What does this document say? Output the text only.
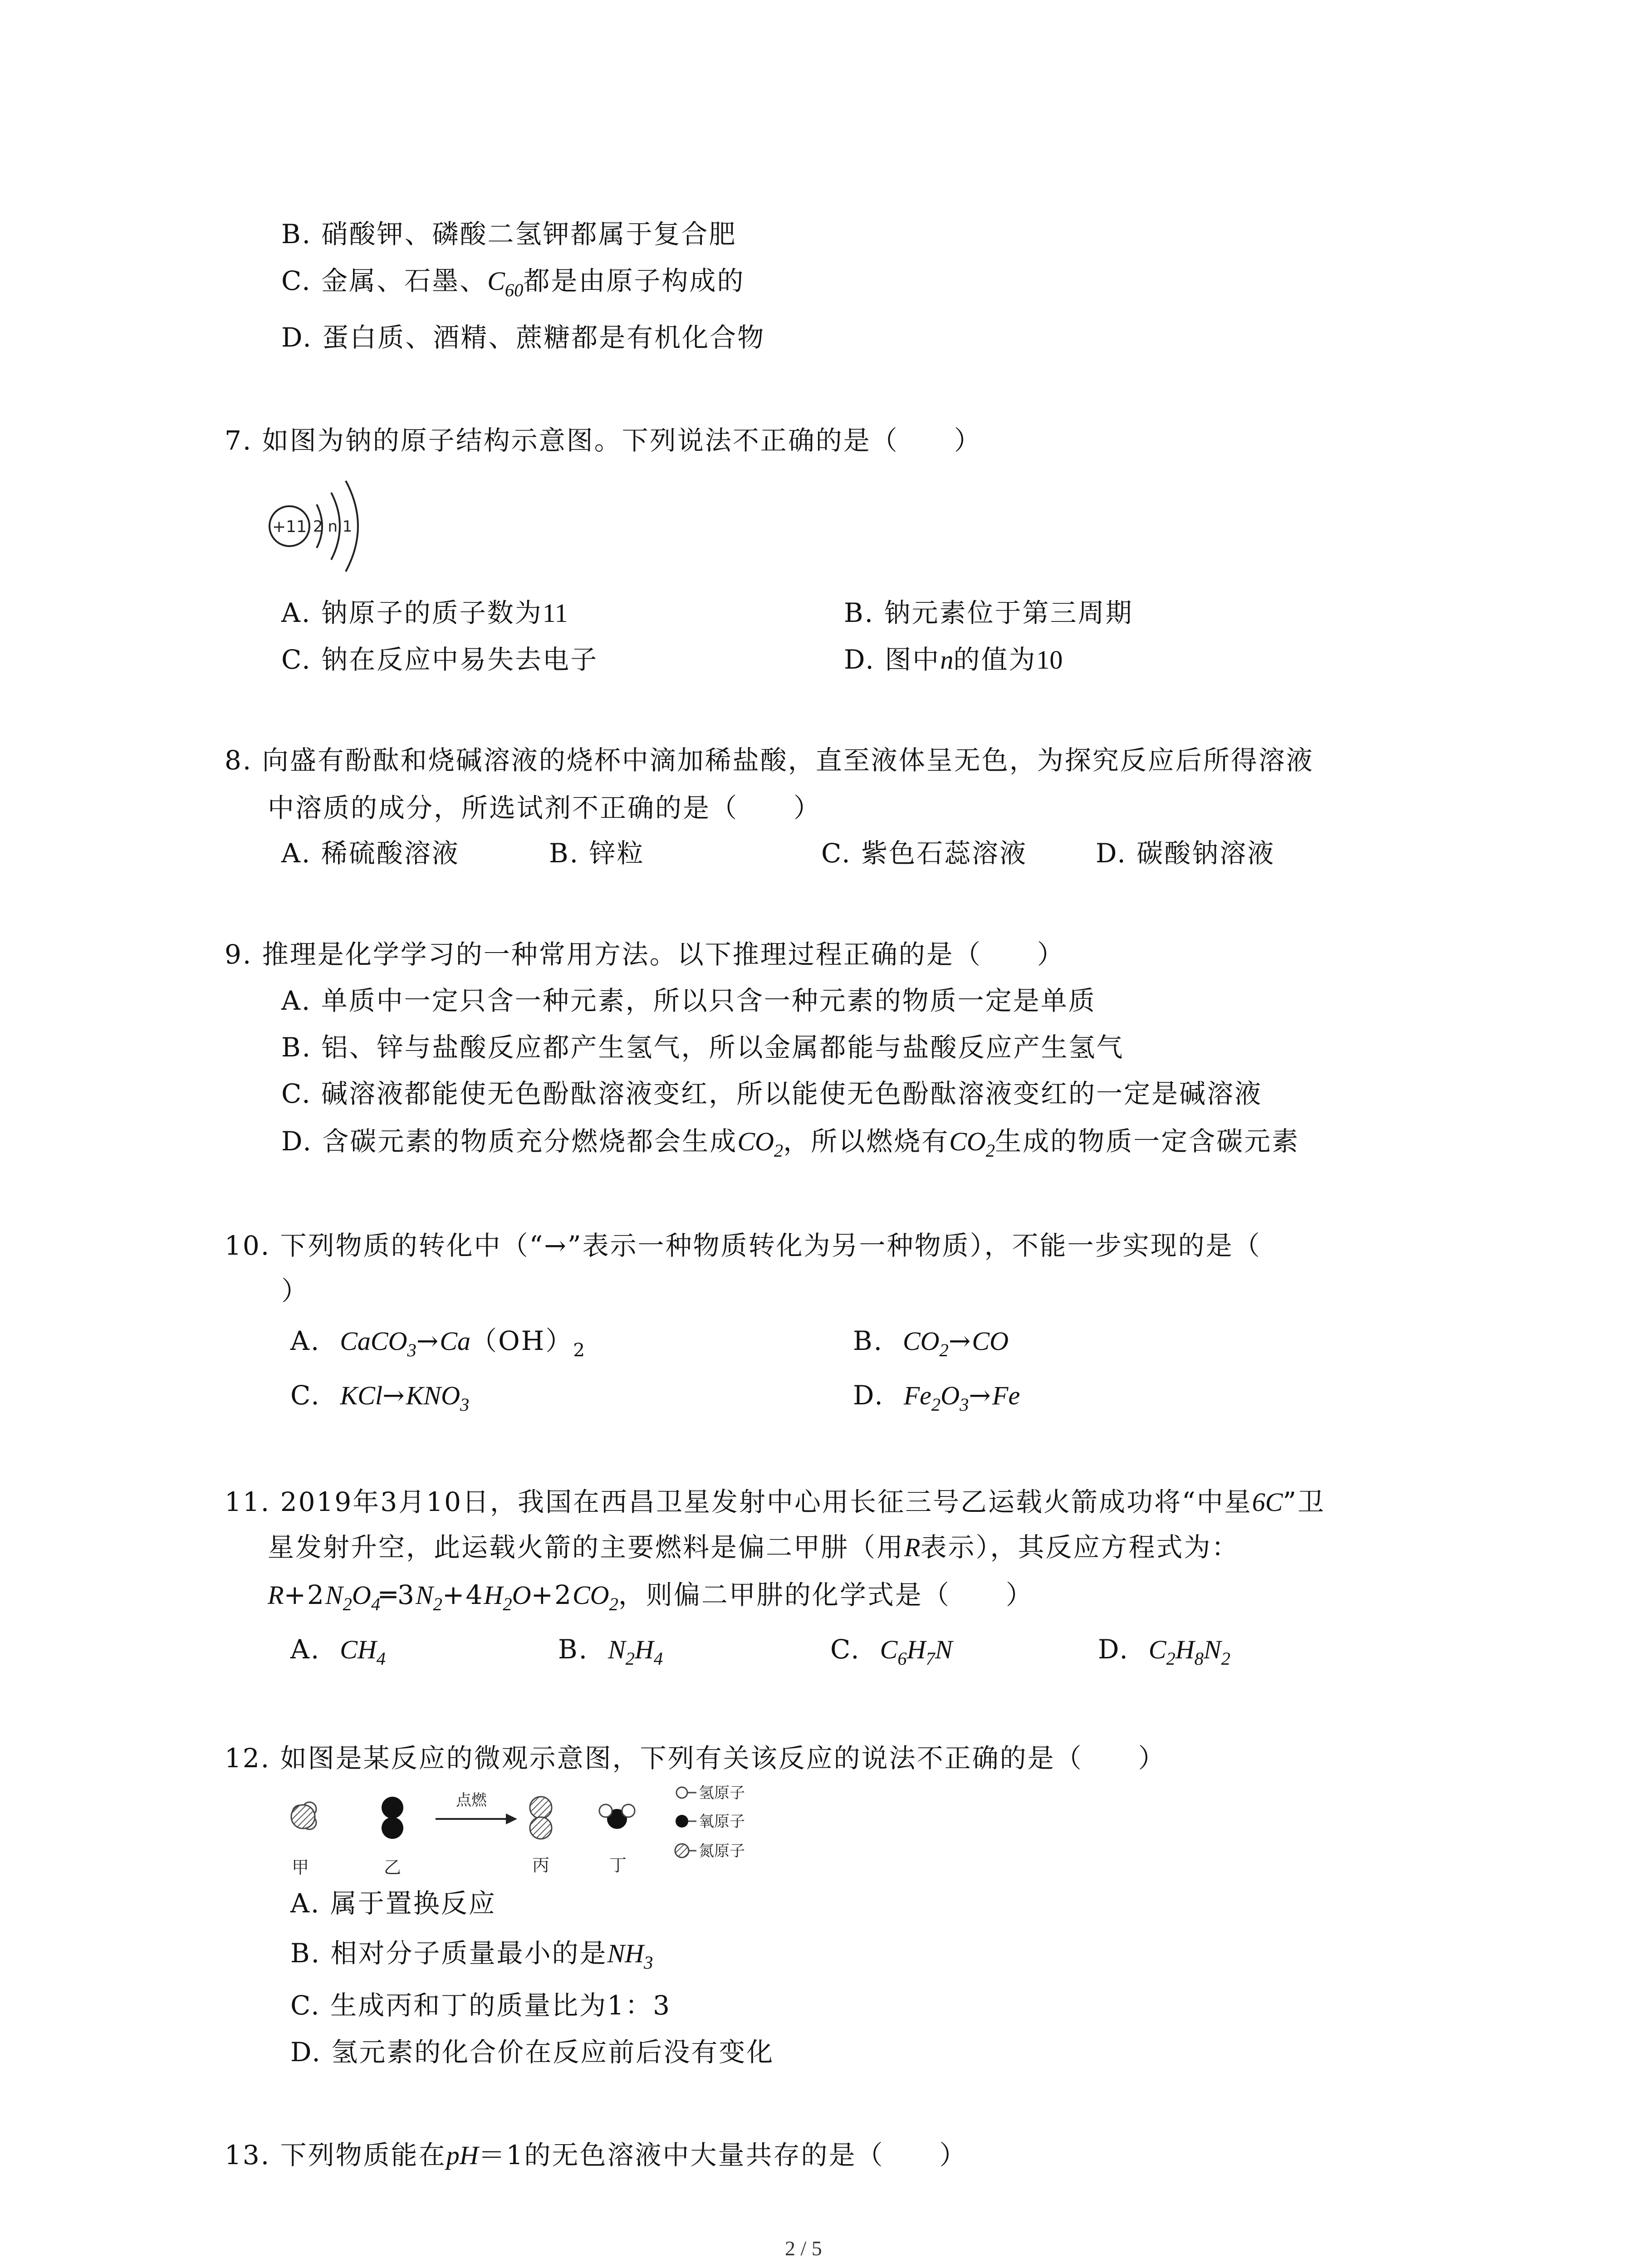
B. 硝酸钾、磷酸二氢钾都属于复合肥
C. 金属、石墨、$C_{60}$都是由原子构成的
D. 蛋白质、酒精、蔗糖都是有机化合物
7. 如图为钠的原子结构示意图。下列说法不正确的是（　　）
+11 2 n 1
A. 钠原子的质子数为11	B. 钠元素位于第三周期
C. 钠在反应中易失去电子	D. 图中n的值为10
8. 向盛有酚酞和烧碱溶液的烧杯中滴加稀盐酸，直至液体呈无色，为探究反应后所得溶液
中溶质的成分，所选试剂不正确的是（　　）
A. 稀硫酸溶液	B. 锌粒	C. 紫色石蕊溶液	D. 碳酸钠溶液
9. 推理是化学学习的一种常用方法。以下推理过程正确的是（　　）
A. 单质中一定只含一种元素，所以只含一种元素的物质一定是单质
B. 铝、锌与盐酸反应都产生氢气，所以金属都能与盐酸反应产生氢气
C. 碱溶液都能使无色酚酞溶液变红，所以能使无色酚酞溶液变红的一定是碱溶液
D. 含碳元素的物质充分燃烧都会生成$CO_2$，所以燃烧有$CO_2$生成的物质一定含碳元素
10. 下列物质的转化中（“→”表示一种物质转化为另一种物质），不能一步实现的是（
）
A. $CaCO_3\to Ca(OH)_2$	B. $CO_2\to CO$
C. $KCl\to KNO_3$	D. $Fe_2O_3\to Fe$
11. 2019年3月10日，我国在西昌卫星发射中心用长征三号乙运载火箭成功将“中星6C”卫
星发射升空，此运载火箭的主要燃料是偏二甲肼（用R表示），其反应方程式为：
$R+2N_2O_4═3N_2+4H_2O+2CO_2$，则偏二甲肼的化学式是（　　）
A. $CH_4$	B. $N_2H_4$	C. $C_6H_7N$	D. $C_2H_8N_2$
12. 如图是某反应的微观示意图，下列有关该反应的说法不正确的是（　　）
点燃
甲	乙	丙	丁
氢原子
氧原子
氮原子
A. 属于置换反应
B. 相对分子质量最小的是$NH_3$
C. 生成丙和丁的质量比为1：3
D. 氢元素的化合价在反应前后没有变化
13. 下列物质能在pH＝1的无色溶液中大量共存的是（　　）
2 / 5
